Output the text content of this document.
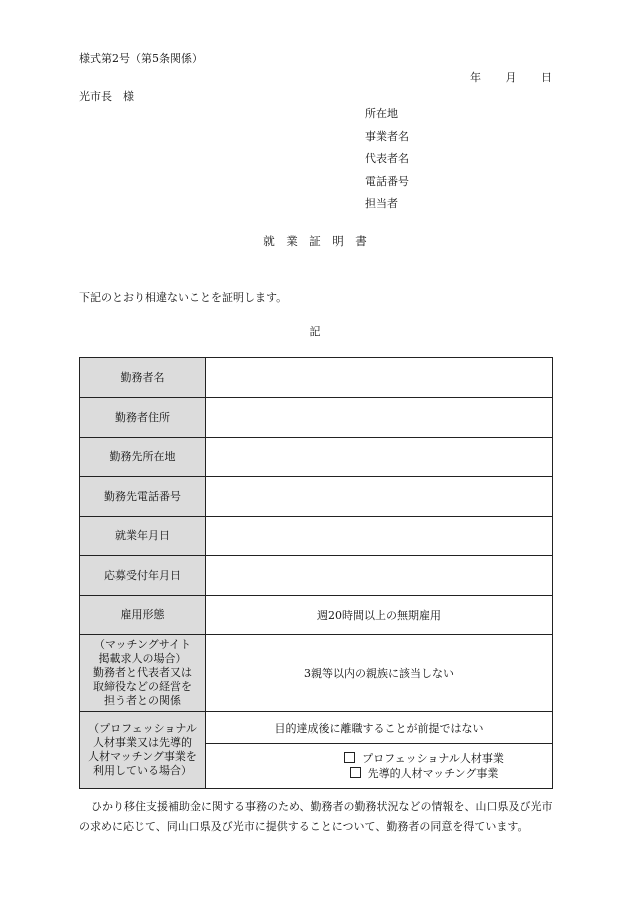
様式第2号（第5条関係）
年 月 日
光市長　様
所在地
事業者名
代表者名
電話番号
担当者
就　業　証　明　書
下記のとおり相違ないことを証明します。
記
勤務者名	
勤務者住所	
勤務先所在地	
勤務先電話番号	
就業年月日	
応募受付年月日	
雇用形態	週20時間以上の無期雇用

（マッチングサイト
掲載求人の場合）
勤務者と代表者又は
取締役などの経営を
担う者との関係	3親等以内の親族に該当しない

（プロフェッショナル
人材事業又は先導的
人材マッチング事業を
利用している場合）	目的達成後に離職することが前提ではない

	プロフェッショナル人材事業
先導的人材マッチング事業
ひかり移住支援補助金に関する事務のため、勤務者の勤務状況などの情報を、山口県及び光市の求めに応じて、同山口県及び光市に提供することについて、勤務者の同意を得ています。
